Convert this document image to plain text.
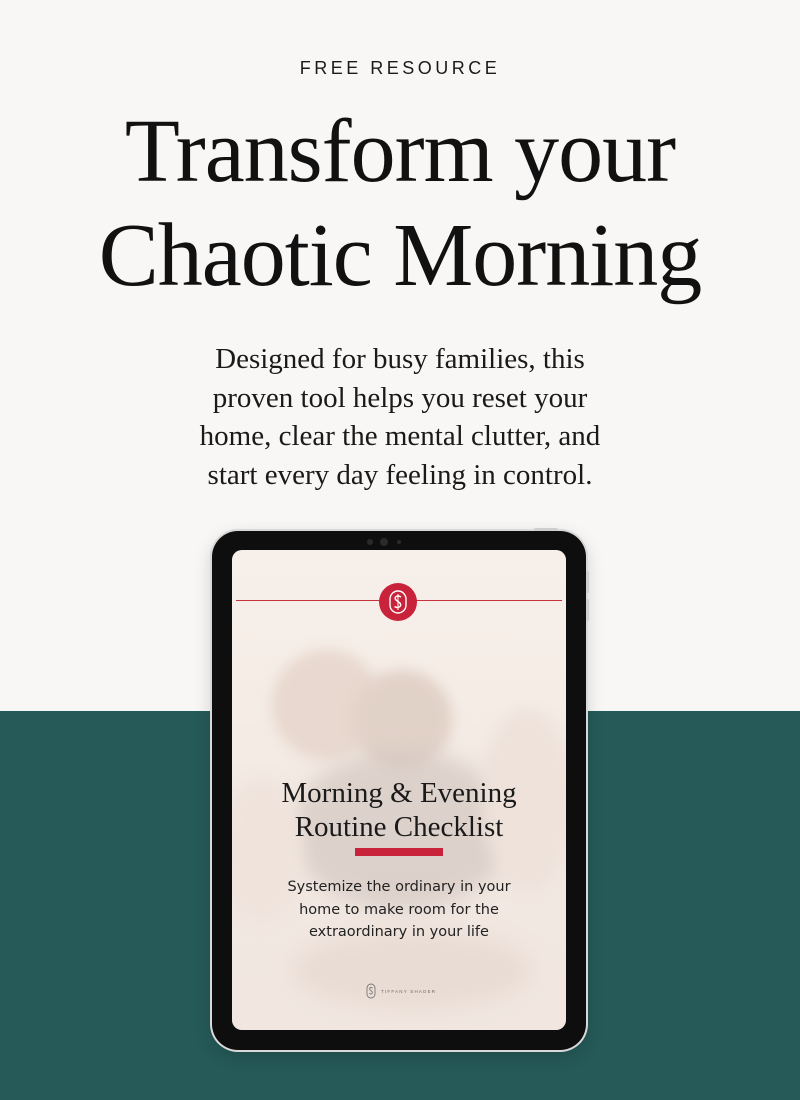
FREE RESOURCE
Transform your
Chaotic Morning
Designed for busy families, this
proven tool helps you reset your
home, clear the mental clutter, and
start every day feeling in control.
Morning & Evening
Routine Checklist
Systemize the ordinary in your
home to make room for the
extraordinary in your life
TIFFANY SHADER
